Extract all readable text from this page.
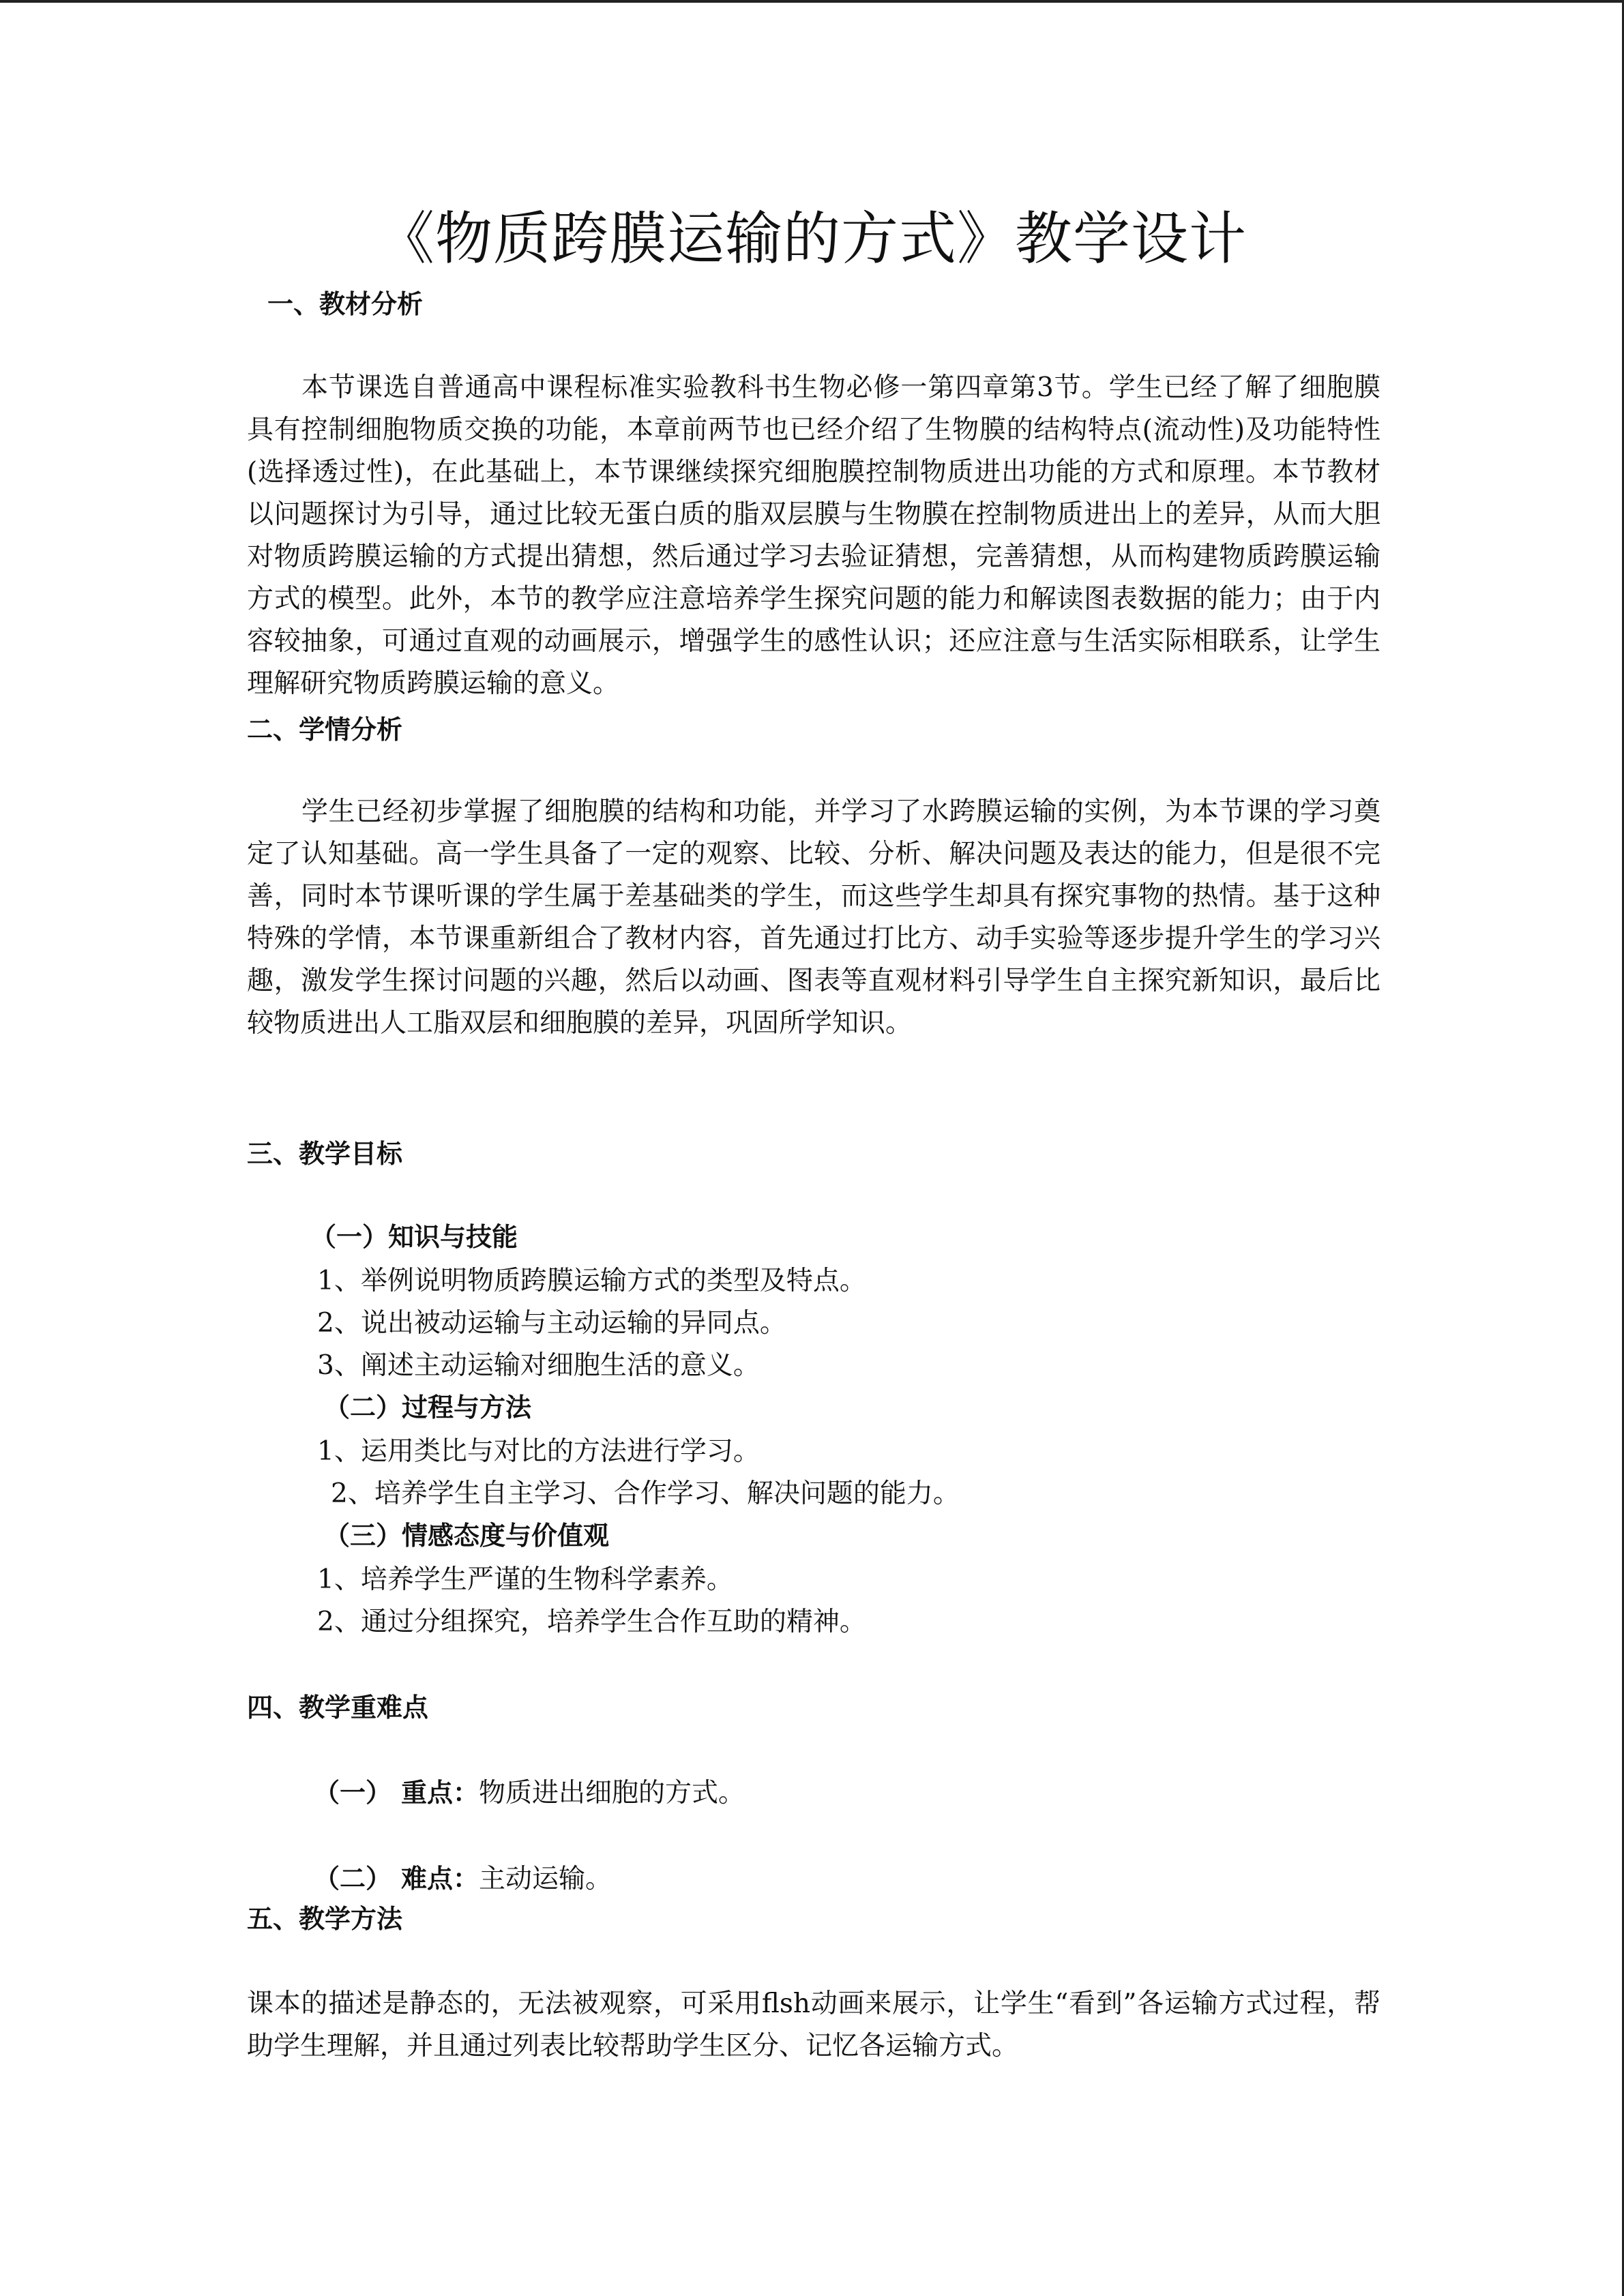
《物质跨膜运输的方式》教学设计
一、教材分析

本节课选自普通高中课程标准实验教科书生物必修一第四章第3节。学生已经了解了细胞膜具有控制细胞物质交换的功能，本章前两节也已经介绍了生物膜的结构特点(流动性)及功能特性(选择透过性)，在此基础上，本节课继续探究细胞膜控制物质进出功能的方式和原理。本节教材以问题探讨为引导，通过比较无蛋白质的脂双层膜与生物膜在控制物质进出上的差异，从而大胆对物质跨膜运输的方式提出猜想，然后通过学习去验证猜想，完善猜想，从而构建物质跨膜运输方式的模型。此外，本节的教学应注意培养学生探究问题的能力和解读图表数据的能力；由于内容较抽象，可通过直观的动画展示，增强学生的感性认识；还应注意与生活实际相联系，让学生理解研究物质跨膜运输的意义。

二、学情分析

学生已经初步掌握了细胞膜的结构和功能，并学习了水跨膜运输的实例，为本节课的学习奠定了认知基础。高一学生具备了一定的观察、比较、分析、解决问题及表达的能力，但是很不完善，同时本节课听课的学生属于差基础类的学生，而这些学生却具有探究事物的热情。基于这种特殊的学情，本节课重新组合了教材内容，首先通过打比方、动手实验等逐步提升学生的学习兴趣，激发学生探讨问题的兴趣，然后以动画、图表等直观材料引导学生自主探究新知识，最后比较物质进出人工脂双层和细胞膜的差异，巩固所学知识。

三、教学目标
（一）知识与技能

1、举例说明物质跨膜运输方式的类型及特点。

2、说出被动运输与主动运输的异同点。

3、阐述主动运输对细胞生活的意义。

（二）过程与方法

1、运用类比与对比的方法进行学习。

2、培养学生自主学习、合作学习、解决问题的能力。

（三）情感态度与价值观

1、培养学生严谨的生物科学素养。

2、通过分组探究，培养学生合作互助的精神。

四、教学重难点

（一） 重点：物质进出细胞的方式。

（二） 难点：主动运输。

五、教学方法

课本的描述是静态的，无法被观察，可采用flsh动画来展示，让学生“看到”各运输方式过程，帮助学生理解，并且通过列表比较帮助学生区分、记忆各运输方式。
